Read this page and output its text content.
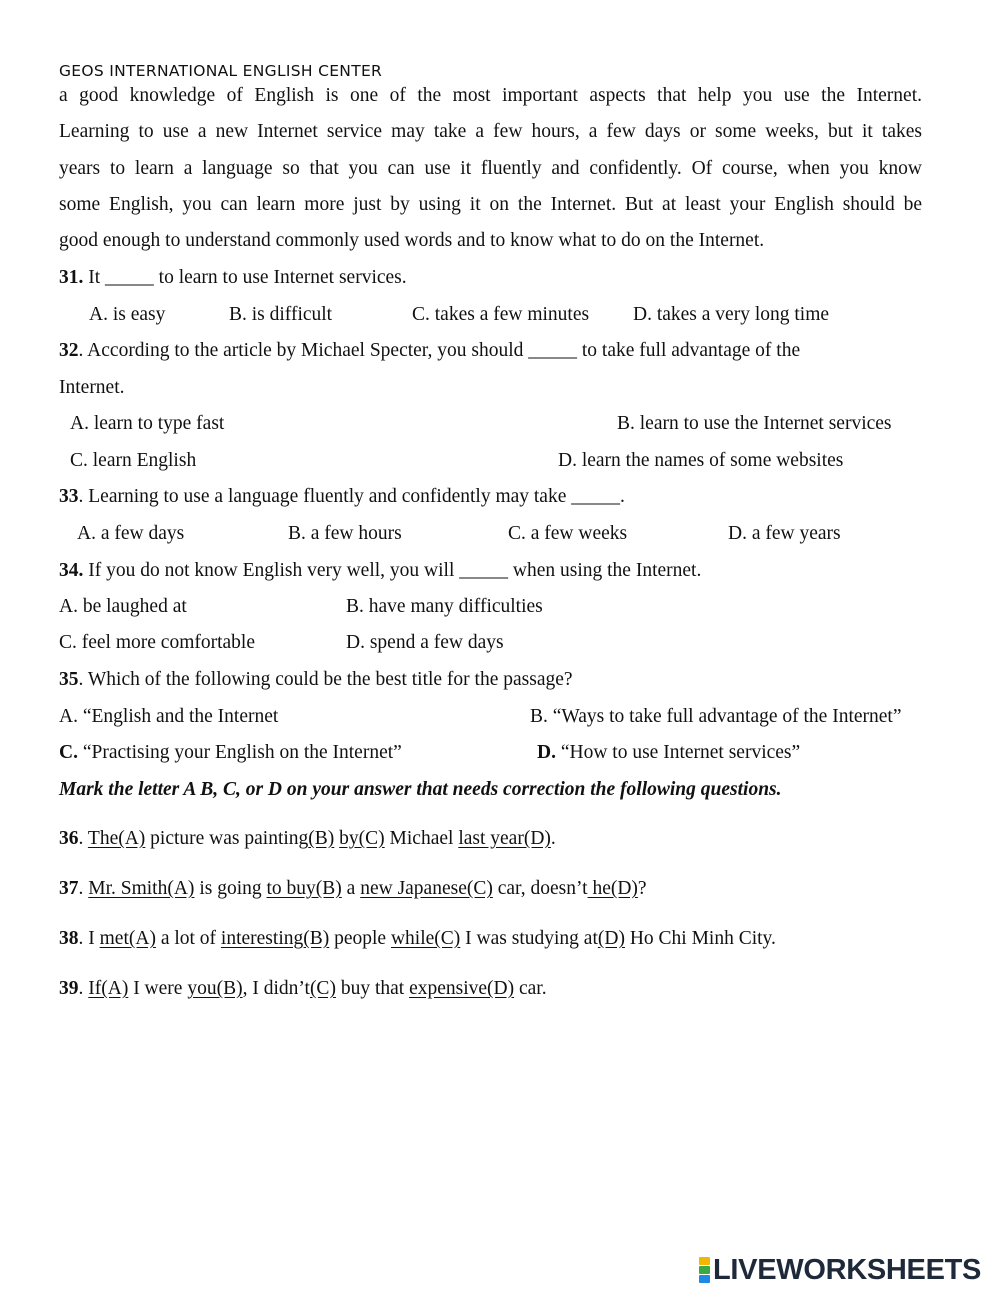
GEOS INTERNATIONAL ENGLISH CENTER
a good knowledge of English is one of the most important aspects that help you use the Internet.
Learning to use a new Internet service may take a few hours, a few days or some weeks, but it takes
years to learn a language so that you can use it fluently and confidently. Of course, when you know
some English, you can learn more just by using it on the Internet. But at least your English should be
good enough to understand commonly used words and to know what to do on the Internet.
31. It _____ to learn to use Internet services.
A. is easy	B. is difficult	C. takes a few minutes D. takes a very long time
32. According to the article by Michael Specter, you should _____ to take full advantage of the
Internet.
A. learn to type fast	B. learn to use the Internet services
C. learn English	D. learn the names of some websites
33. Learning to use a language fluently and confidently may take _____.
A. a few days	B. a few hours	C. a few weeks	D. a few years
34. If you do not know English very well, you will _____ when using the Internet.
A. be laughed at	B. have many difficulties
C. feel more comfortable	D. spend a few days
35. Which of the following could be the best title for the passage?
A. “English and the Internet	B. “Ways to take full advantage of the Internet”
C. “Practising your English on the Internet”	D. “How to use Internet services”
Mark the letter A B, C, or D on your answer that needs correction the following questions.
36. The(A) picture was painting(B) by(C) Michael last year(D).
37. Mr. Smith(A) is going to buy(B) a new Japanese(C) car, doesn’t he(D)?
38. I met(A) a lot of interesting(B) people while(C) I was studying at(D) Ho Chi Minh City.
39. If(A) I were you(B), I didn’t(C) buy that expensive(D) car.
LIVEWORKSHEETS
